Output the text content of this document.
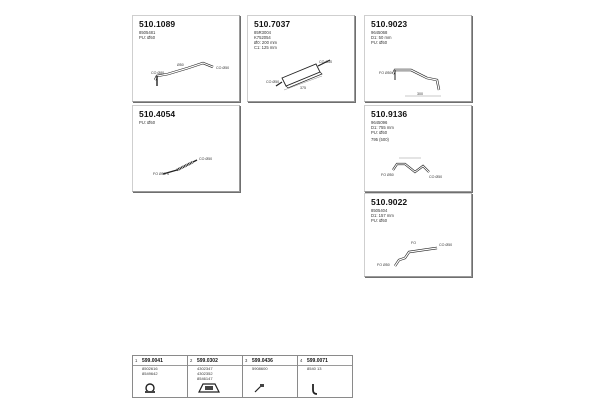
510.1089
8505481
PU: Ø50
CO Ø80
Ø50
CO Ø50
510.7037
85R3004
K752054
Ø0: 200 mm
C1: 125 mm
CO Ø50
CO Ø50
375
510.9023
9645068
D1: 50 mm
PU: Ø50
FO Ø50
300
510.4054
PU: Ø50
CO Ø50
FO Ø50 S
510.9136
9645096
D1: 755 mm
PU: Ø50
795 (500)
FO Ø50	CO Ø50
510.9022
8505404
D1: 157 mm
PU: Ø50
CO Ø50
FO
FO Ø50
1 599.0041
8502616
8549642
2 599.0302
4302347
4302352
8546147
3 599.0436
5908600
4 599.0071
8540 13
